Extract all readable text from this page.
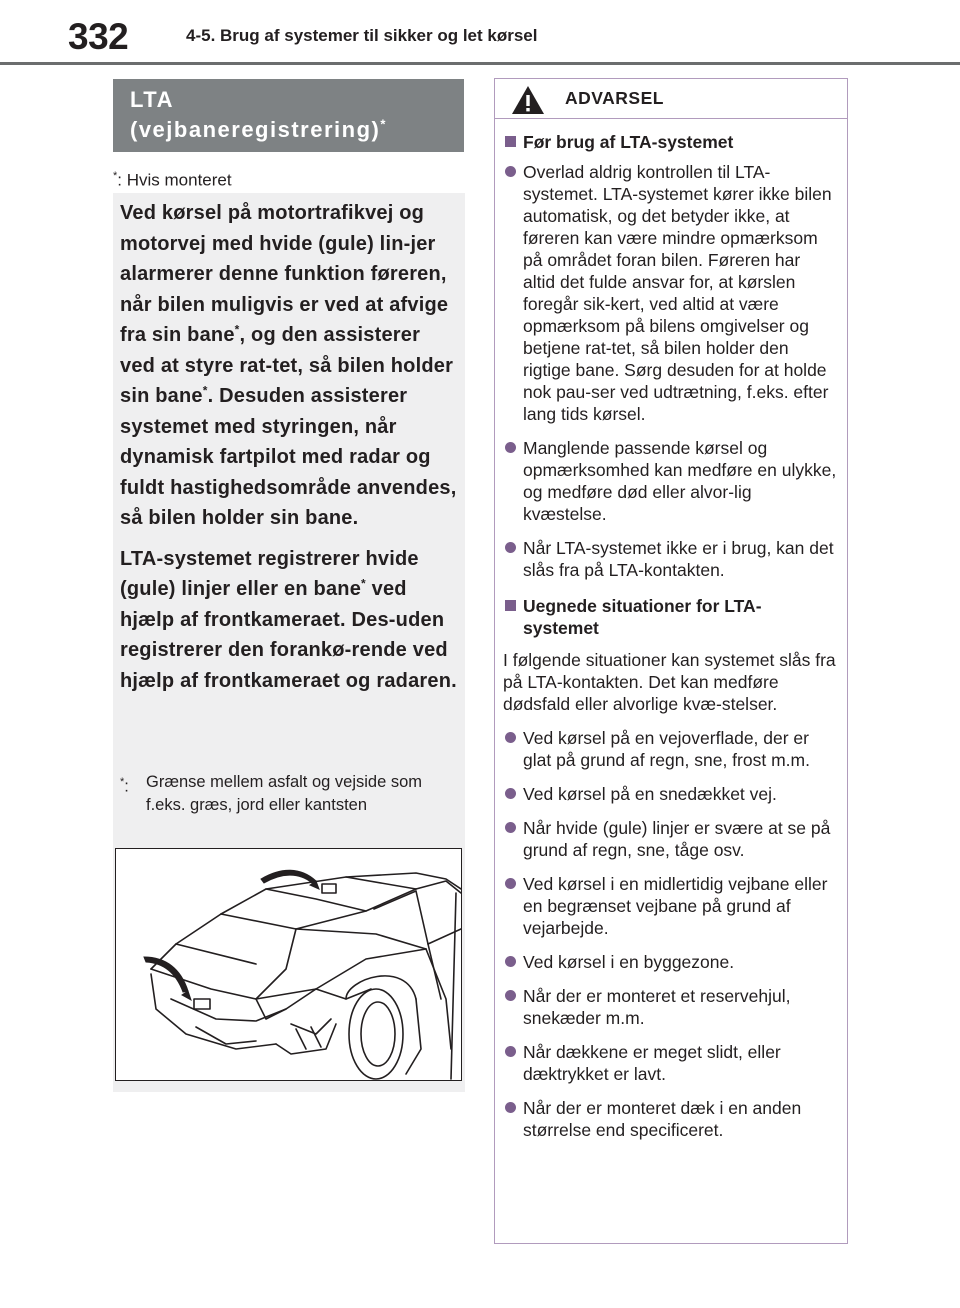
332	4-5. Brug af systemer til sikker og let kørsel
LTA
(vejbaneregistrering)*
*: Hvis monteret

Ved kørsel på motortrafikvej og motorvej med hvide (gule) lin-jer alarmerer denne funktion føreren, når bilen muligvis er ved at afvige fra sin bane*, og den assisterer ved at styre rat-tet, så bilen holder sin bane*. Desuden assisterer systemet med styringen, når dynamisk fartpilot med radar og fuldt hastighedsområde anvendes, så bilen holder sin bane.

LTA-systemet registrerer hvide (gule) linjer eller en bane* ved hjælp af frontkameraet. Des-uden registrerer den forankø-rende ved hjælp af frontkameraet og radaren.

*:	Grænse mellem asfalt og vejside som f.eks. græs, jord eller kantsten
ADVARSEL
Før brug af LTA-systemet
Overlad aldrig kontrollen til LTA-systemet. LTA-systemet kører ikke bilen automatisk, og det betyder ikke, at føreren kan være mindre opmærksom på området foran bilen. Føreren har altid det fulde ansvar for, at kørslen foregår sik-kert, ved altid at være opmærksom på bilens omgivelser og betjene rat-tet, så bilen holder den rigtige bane. Sørg desuden for at holde nok pau-ser ved udtrætning, f.eks. efter lang tids kørsel.
Manglende passende kørsel og opmærksomhed kan medføre en ulykke, og medføre død eller alvor-lig kvæstelse.
Når LTA-systemet ikke er i brug, kan det slås fra på LTA-kontakten.
Uegnede situationer for LTA-systemet
I følgende situationer kan systemet slås fra på LTA-kontakten. Det kan medføre dødsfald eller alvorlige kvæ-stelser.
Ved kørsel på en vejoverflade, der er glat på grund af regn, sne, frost m.m.
Ved kørsel på en snedækket vej.
Når hvide (gule) linjer er svære at se på grund af regn, sne, tåge osv.
Ved kørsel i en midlertidig vejbane eller en begrænset vejbane på grund af vejarbejde.
Ved kørsel i en byggezone.
Når der er monteret et reservehjul, snekæder m.m.
Når dækkene er meget slidt, eller dæktrykket er lavt.
Når der er monteret dæk i en anden størrelse end specificeret.
